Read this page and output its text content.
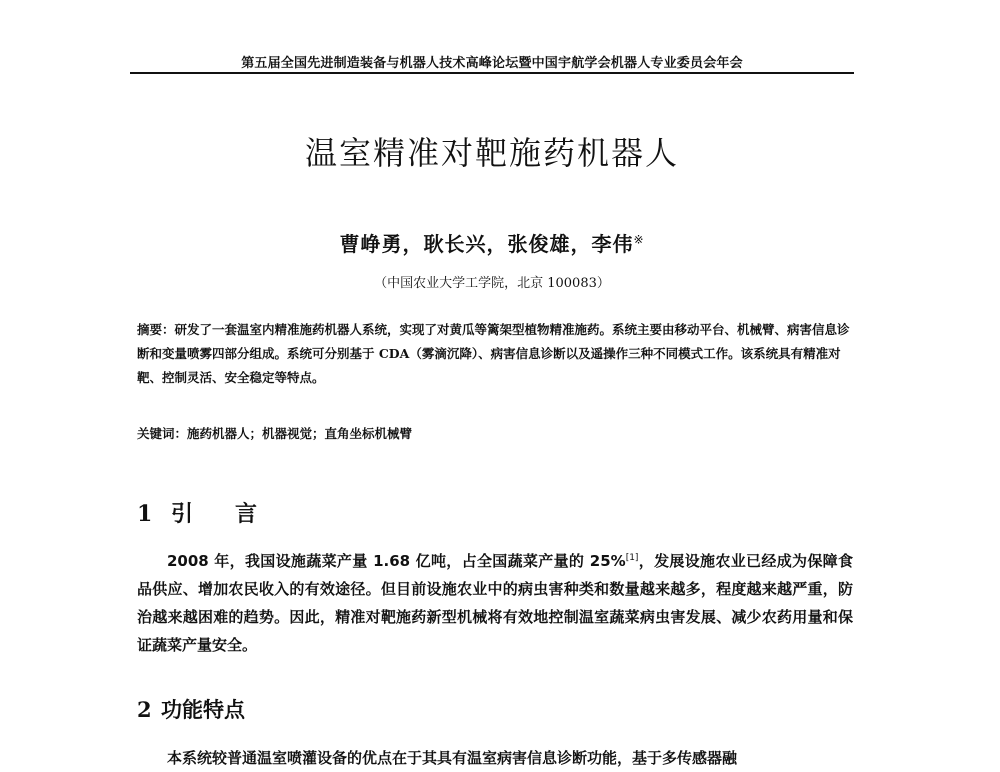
第五届全国先进制造装备与机器人技术高峰论坛暨中国宇航学会机器人专业委员会年会
温室精准对靶施药机器人
曹峥勇，耿长兴，张俊雄，李伟※
（中国农业大学工学院，北京 100083）
摘要：研发了一套温室内精准施药机器人系统，实现了对黄瓜等篱架型植物精准施药。系统主要由移动平台、机械臂、病害信息诊断和变量喷雾四部分组成。系统可分别基于 CDA（雾滴沉降）、病害信息诊断以及遥操作三种不同模式工作。该系统具有精准对靶、控制灵活、安全稳定等特点。
关键词：施药机器人；机器视觉；直角坐标机械臂
1 引 言
2008 年，我国设施蔬菜产量 1.68 亿吨，占全国蔬菜产量的 25%[1]，发展设施农业已经成为保障食品供应、增加农民收入的有效途径。但目前设施农业中的病虫害种类和数量越来越多，程度越来越严重，防治越来越困难的趋势。因此，精准对靶施药新型机械将有效地控制温室蔬菜病虫害发展、减少农药用量和保证蔬菜产量安全。
2 功能特点
本系统较普通温室喷灌设备的优点在于其具有温室病害信息诊断功能，基于多传感器融
